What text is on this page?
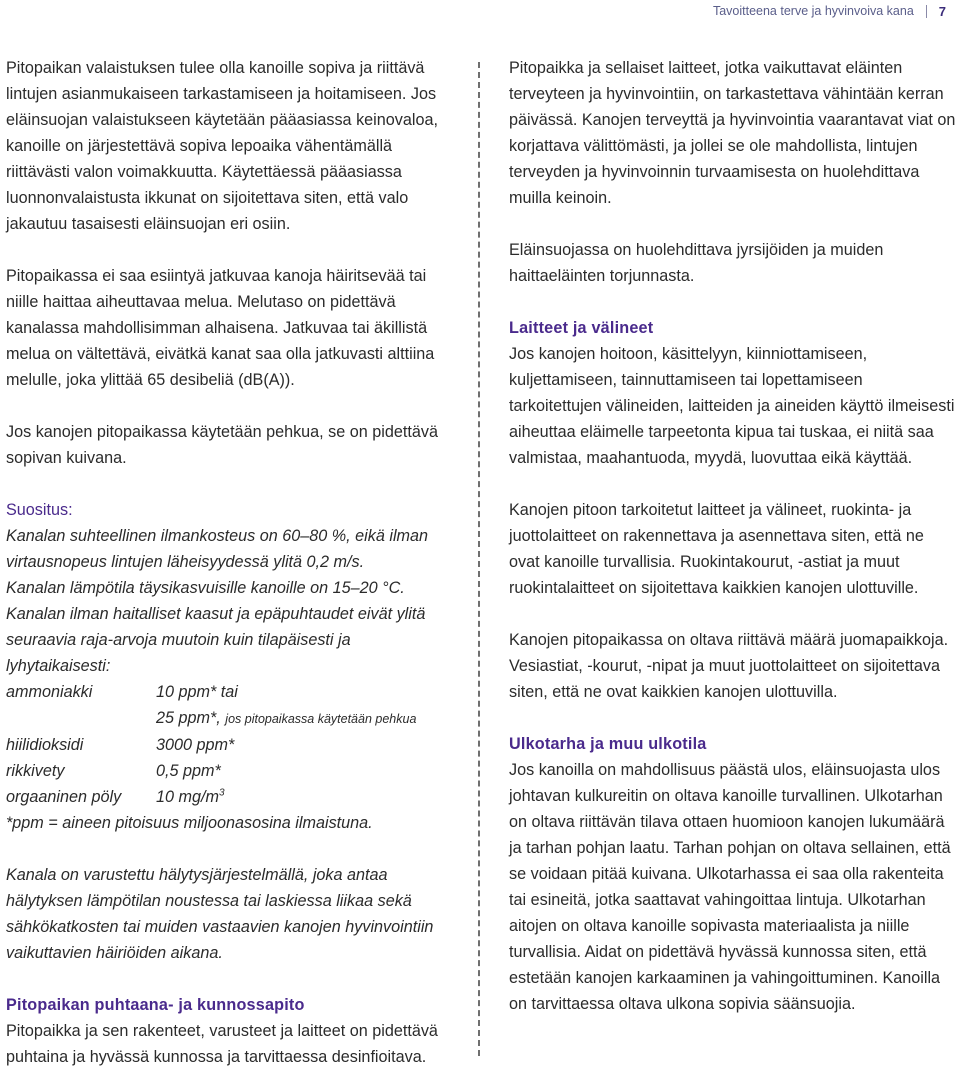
Tavoitteena terve ja hyvinvoiva kana 7

Pitopaikan valaistuksen tulee olla kanoille sopiva ja riittävä lintujen asianmukaiseen tarkastamiseen ja hoitamiseen. Jos eläinsuojan valaistukseen käytetään pääasiassa keinovaloa, kanoille on järjestettävä sopiva lepoaika vähentämällä riittävästi valon voimakkuutta. Käytettäessä pääasiassa luonnonvalaistusta ikkunat on sijoitettava siten, että valo jakautuu tasaisesti eläinsuojan eri osiin.

Pitopaikassa ei saa esiintyä jatkuvaa kanoja häiritsevää tai niille haittaa aiheuttavaa melua. Melutaso on pidettävä kanalassa mahdollisimman alhaisena. Jatkuvaa tai äkillistä melua on vältettävä, eivätkä kanat saa olla jatkuvasti alttiina melulle, joka ylittää 65 desibeliä (dB(A)).

Jos kanojen pitopaikassa käytetään pehkua, se on pidettävä sopivan kuivana.

Suositus:

Kanalan suhteellinen ilmankosteus on 60–80 %, eikä ilman virtausnopeus lintujen läheisyydessä ylitä 0,2 m/s.

Kanalan lämpötila täysikasvuisille kanoille on 15–20 °C.

Kanalan ilman haitalliset kaasut ja epäpuhtaudet eivät ylitä seuraavia raja-arvoja muutoin kuin tilapäisesti ja lyhytaikaisesti:

ammoniakki	10 ppm* tai
25 ppm*, jos pitopaikassa käytetään pehkua
hiilidioksidi	3000 ppm*
rikkivety	0,5 ppm*
orgaaninen pöly	10 $mg/m^3$

*ppm = aineen pitoisuus miljoonasosina ilmaistuna.

Kanala on varustettu hälytysjärjestelmällä, joka antaa hälytyksen lämpötilan noustessa tai laskiessa liikaa sekä sähkökatkosten tai muiden vastaavien kanojen hyvinvointiin vaikuttavien häiriöiden aikana.

Pitopaikan puhtaana- ja kunnossapito

Pitopaikka ja sen rakenteet, varusteet ja laitteet on pidettävä puhtaina ja hyvässä kunnossa ja tarvittaessa desinfioitava.

Pitopaikka ja sellaiset laitteet, jotka vaikuttavat eläinten terveyteen ja hyvinvointiin, on tarkastettava vähintään kerran päivässä. Kanojen terveyttä ja hyvinvointia vaarantavat viat on korjattava välittömästi, ja jollei se ole mahdollista, lintujen terveyden ja hyvinvoinnin turvaamisesta on huolehdittava muilla keinoin.

Eläinsuojassa on huolehdittava jyrsijöiden ja muiden haittaeläinten torjunnasta.

Laitteet ja välineet

Jos kanojen hoitoon, käsittelyyn, kiinniottamiseen, kuljettamiseen, tainnuttamiseen tai lopettamiseen tarkoitettujen välineiden, laitteiden ja aineiden käyttö ilmeisesti aiheuttaa eläimelle tarpeetonta kipua tai tuskaa, ei niitä saa valmistaa, maahantuoda, myydä, luovuttaa eikä käyttää.

Kanojen pitoon tarkoitetut laitteet ja välineet, ruokinta- ja juottolaitteet on rakennettava ja asennettava siten, että ne ovat kanoille turvallisia. Ruokintakourut, -astiat ja muut ruokintalaitteet on sijoitettava kaikkien kanojen ulottuville.

Kanojen pitopaikassa on oltava riittävä määrä juomapaikkoja. Vesiastiat, -kourut, -nipat ja muut juottolaitteet on sijoitettava siten, että ne ovat kaikkien kanojen ulottuvilla.

Ulkotarha ja muu ulkotila

Jos kanoilla on mahdollisuus päästä ulos, eläinsuojasta ulos johtavan kulkureitin on oltava kanoille turvallinen. Ulkotarhan on oltava riittävän tilava ottaen huomioon kanojen lukumäärä ja tarhan pohjan laatu. Tarhan pohjan on oltava sellainen, että se voidaan pitää kuivana. Ulkotarhassa ei saa olla rakenteita tai esineitä, jotka saattavat vahingoittaa lintuja. Ulkotarhan aitojen on oltava kanoille sopivasta materiaalista ja niille turvallisia. Aidat on pidettävä hyvässä kunnossa siten, että estetään kanojen karkaaminen ja vahingoittuminen. Kanoilla on tarvittaessa oltava ulkona sopivia säänsuojia.
